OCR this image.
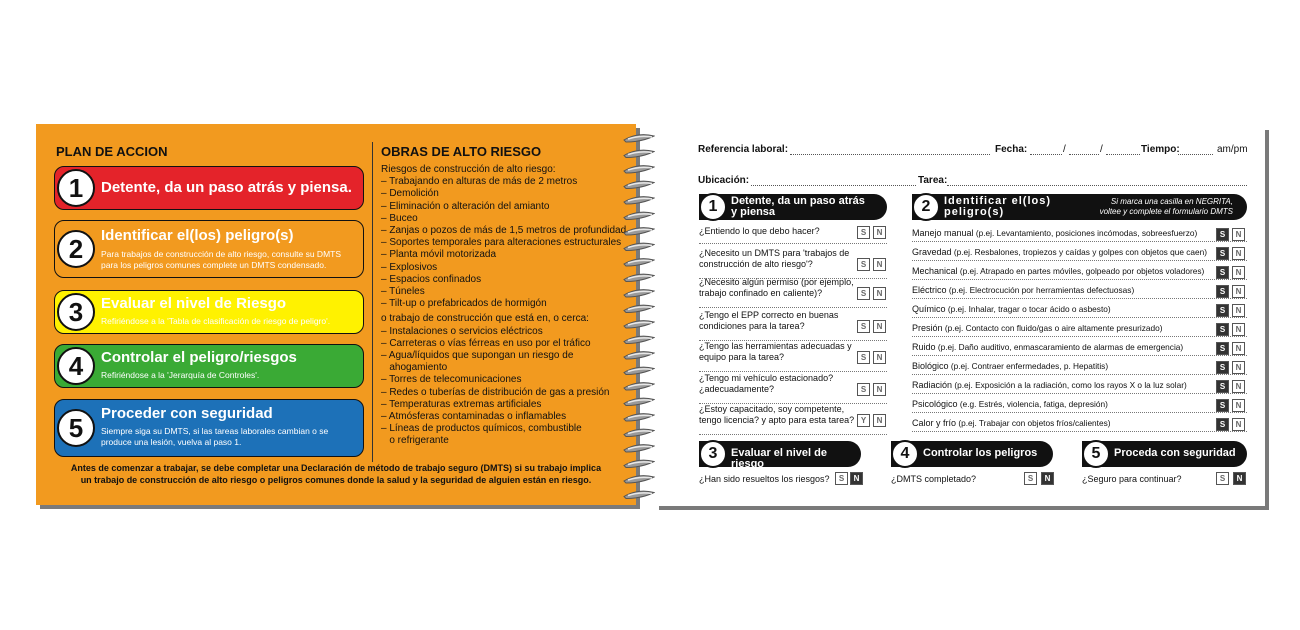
PLAN DE ACCION
1	Detente, da un paso atrás y piensa.
2	Identificar el(los) peligro(s)
Para trabajos de construcción de alto riesgo, consulte su DMTS para los peligros comunes complete un DMTS condensado.
3	Evaluar el nivel de Riesgo
Refiriéndose a la 'Tabla de clasificación de riesgo de peligro'.
4	Controlar el peligro/riesgos
Refiriéndose a la 'Jerarquía de Controles'.
5	Proceder con seguridad
Siempre siga su DMTS, si las tareas laborales cambian o se produce una lesión, vuelva al paso 1.
OBRAS DE ALTO RIESGO
Riesgos de construcción de alto riesgo:
– Trabajando en alturas de más de 2 metros
– Demolición
– Eliminación o alteración del amianto
– Buceo
– Zanjas o pozos de más de 1,5 metros de profundidad
– Soportes temporales para alteraciones estructurales
– Planta móvil motorizada
– Explosivos
– Espacios confinados
– Túneles
– Tilt-up o prefabricados de hormigón
o trabajo de construcción que está en, o cerca:
– Instalaciones o servicios eléctricos
– Carreteras o vías férreas en uso por el tráfico
– Agua/líquidos que supongan un riesgo de
ahogamiento
– Torres de telecomunicaciones
– Redes o tuberías de distribución de gas a presión
– Temperaturas extremas artificiales
– Atmósferas contaminadas o inflamables
– Líneas de productos químicos, combustible
o refrigerante
Antes de comenzar a trabajar, se debe completar una Declaración de método de trabajo seguro (DMTS) si su trabajo implica
un trabajo de construcción de alto riesgo o peligros comunes donde la salud y la seguridad de alguien están en riesgo.
Referencia laboral:	Fecha:	/	/	Tiempo:	am/pm
Ubicación:	Tarea:
1	Detente, da un paso atrás
y piensa	2	Identificar el(los)
peligro(s)
Si marca una casilla en NEGRITA,
voltee y complete el formulario DMTS
¿Entiendo lo que debo hacer?	S	N
¿Necesito un DMTS para 'trabajos de construcción de alto riesgo'?	S	N
¿Necesito algún permiso (por ejemplo, trabajo confinado en caliente)?	S	N
¿Tengo el EPP correcto en buenas condiciones para la tarea?	S	N
¿Tengo las herramientas adecuadas y equipo para la tarea?	S	N
¿Tengo mi vehículo estacionado? ¿adecuadamente?	S	N
¿Estoy capacitado, soy competente, tengo licencia? y apto para esta tarea? Y	N
Manejo manual (p.ej. Levantamiento, posiciones incómodas, sobreesfuerzo)	S	N
Gravedad (p.ej. Resbalones, tropiezos y caídas y golpes con objetos que caen)	S	N
Mechanical (p.ej. Atrapado en partes móviles, golpeado por objetos voladores)	S	N
Eléctrico (p.ej. Electrocución por herramientas defectuosas)	S	N
Químico (p.ej. Inhalar, tragar o tocar ácido o asbesto)	S	N
Presión (p.ej. Contacto con fluido/gas o aire altamente presurizado)	S	N
Ruido (p.ej. Daño auditivo, enmascaramiento de alarmas de emergencia)	S	N
Biológico (p.ej. Contraer enfermedades, p. Hepatitis)	S	N
Radiación (p.ej. Exposición a la radiación, como los rayos X o la luz solar)	S	N
Psicológico (e.g. Estrés, violencia, fatiga, depresión)	S	N
Calor y frío (p.ej. Trabajar con objetos fríos/calientes)	S	N
3	Evaluar el nivel de riesgo
¿Han sido resueltos los riesgos?	S	N
4	Controlar los peligros
¿DMTS completado?	S	N
5	Proceda con seguridad
¿Seguro para continuar?	S	N
